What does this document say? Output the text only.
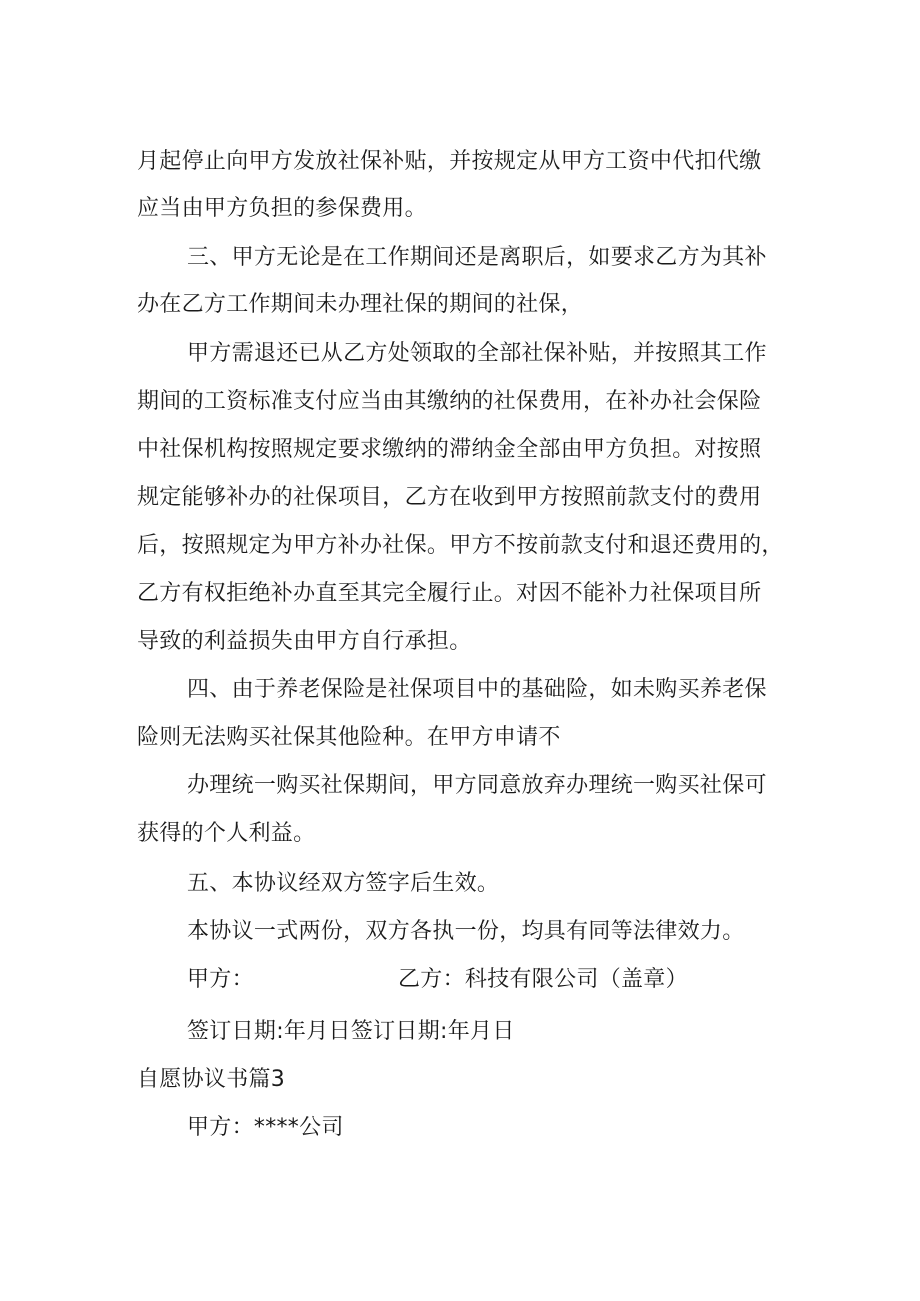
月起停止向甲方发放社保补贴，并按规定从甲方工资中代扣代缴
应当由甲方负担的参保费用。
三、甲方无论是在工作期间还是离职后，如要求乙方为其补
办在乙方工作期间未办理社保的期间的社保，
甲方需退还已从乙方处领取的全部社保补贴，并按照其工作
期间的工资标准支付应当由其缴纳的社保费用，在补办社会保险
中社保机构按照规定要求缴纳的滞纳金全部由甲方负担。对按照
规定能够补办的社保项目，乙方在收到甲方按照前款支付的费用
后，按照规定为甲方补办社保。甲方不按前款支付和退还费用的，
乙方有权拒绝补办直至其完全履行止。对因不能补力社保项目所
导致的利益损失由甲方自行承担。
四、由于养老保险是社保项目中的基础险，如未购买养老保
险则无法购买社保其他险种。在甲方申请不
办理统一购买社保期间，甲方同意放弃办理统一购买社保可
获得的个人利益。
五、本协议经双方签字后生效。
本协议一式两份，双方各执一份，均具有同等法律效力。
甲方：	乙方：科技有限公司（盖章）
签订日期:年月日签订日期:年月日
自愿协议书篇3
甲方：****公司
